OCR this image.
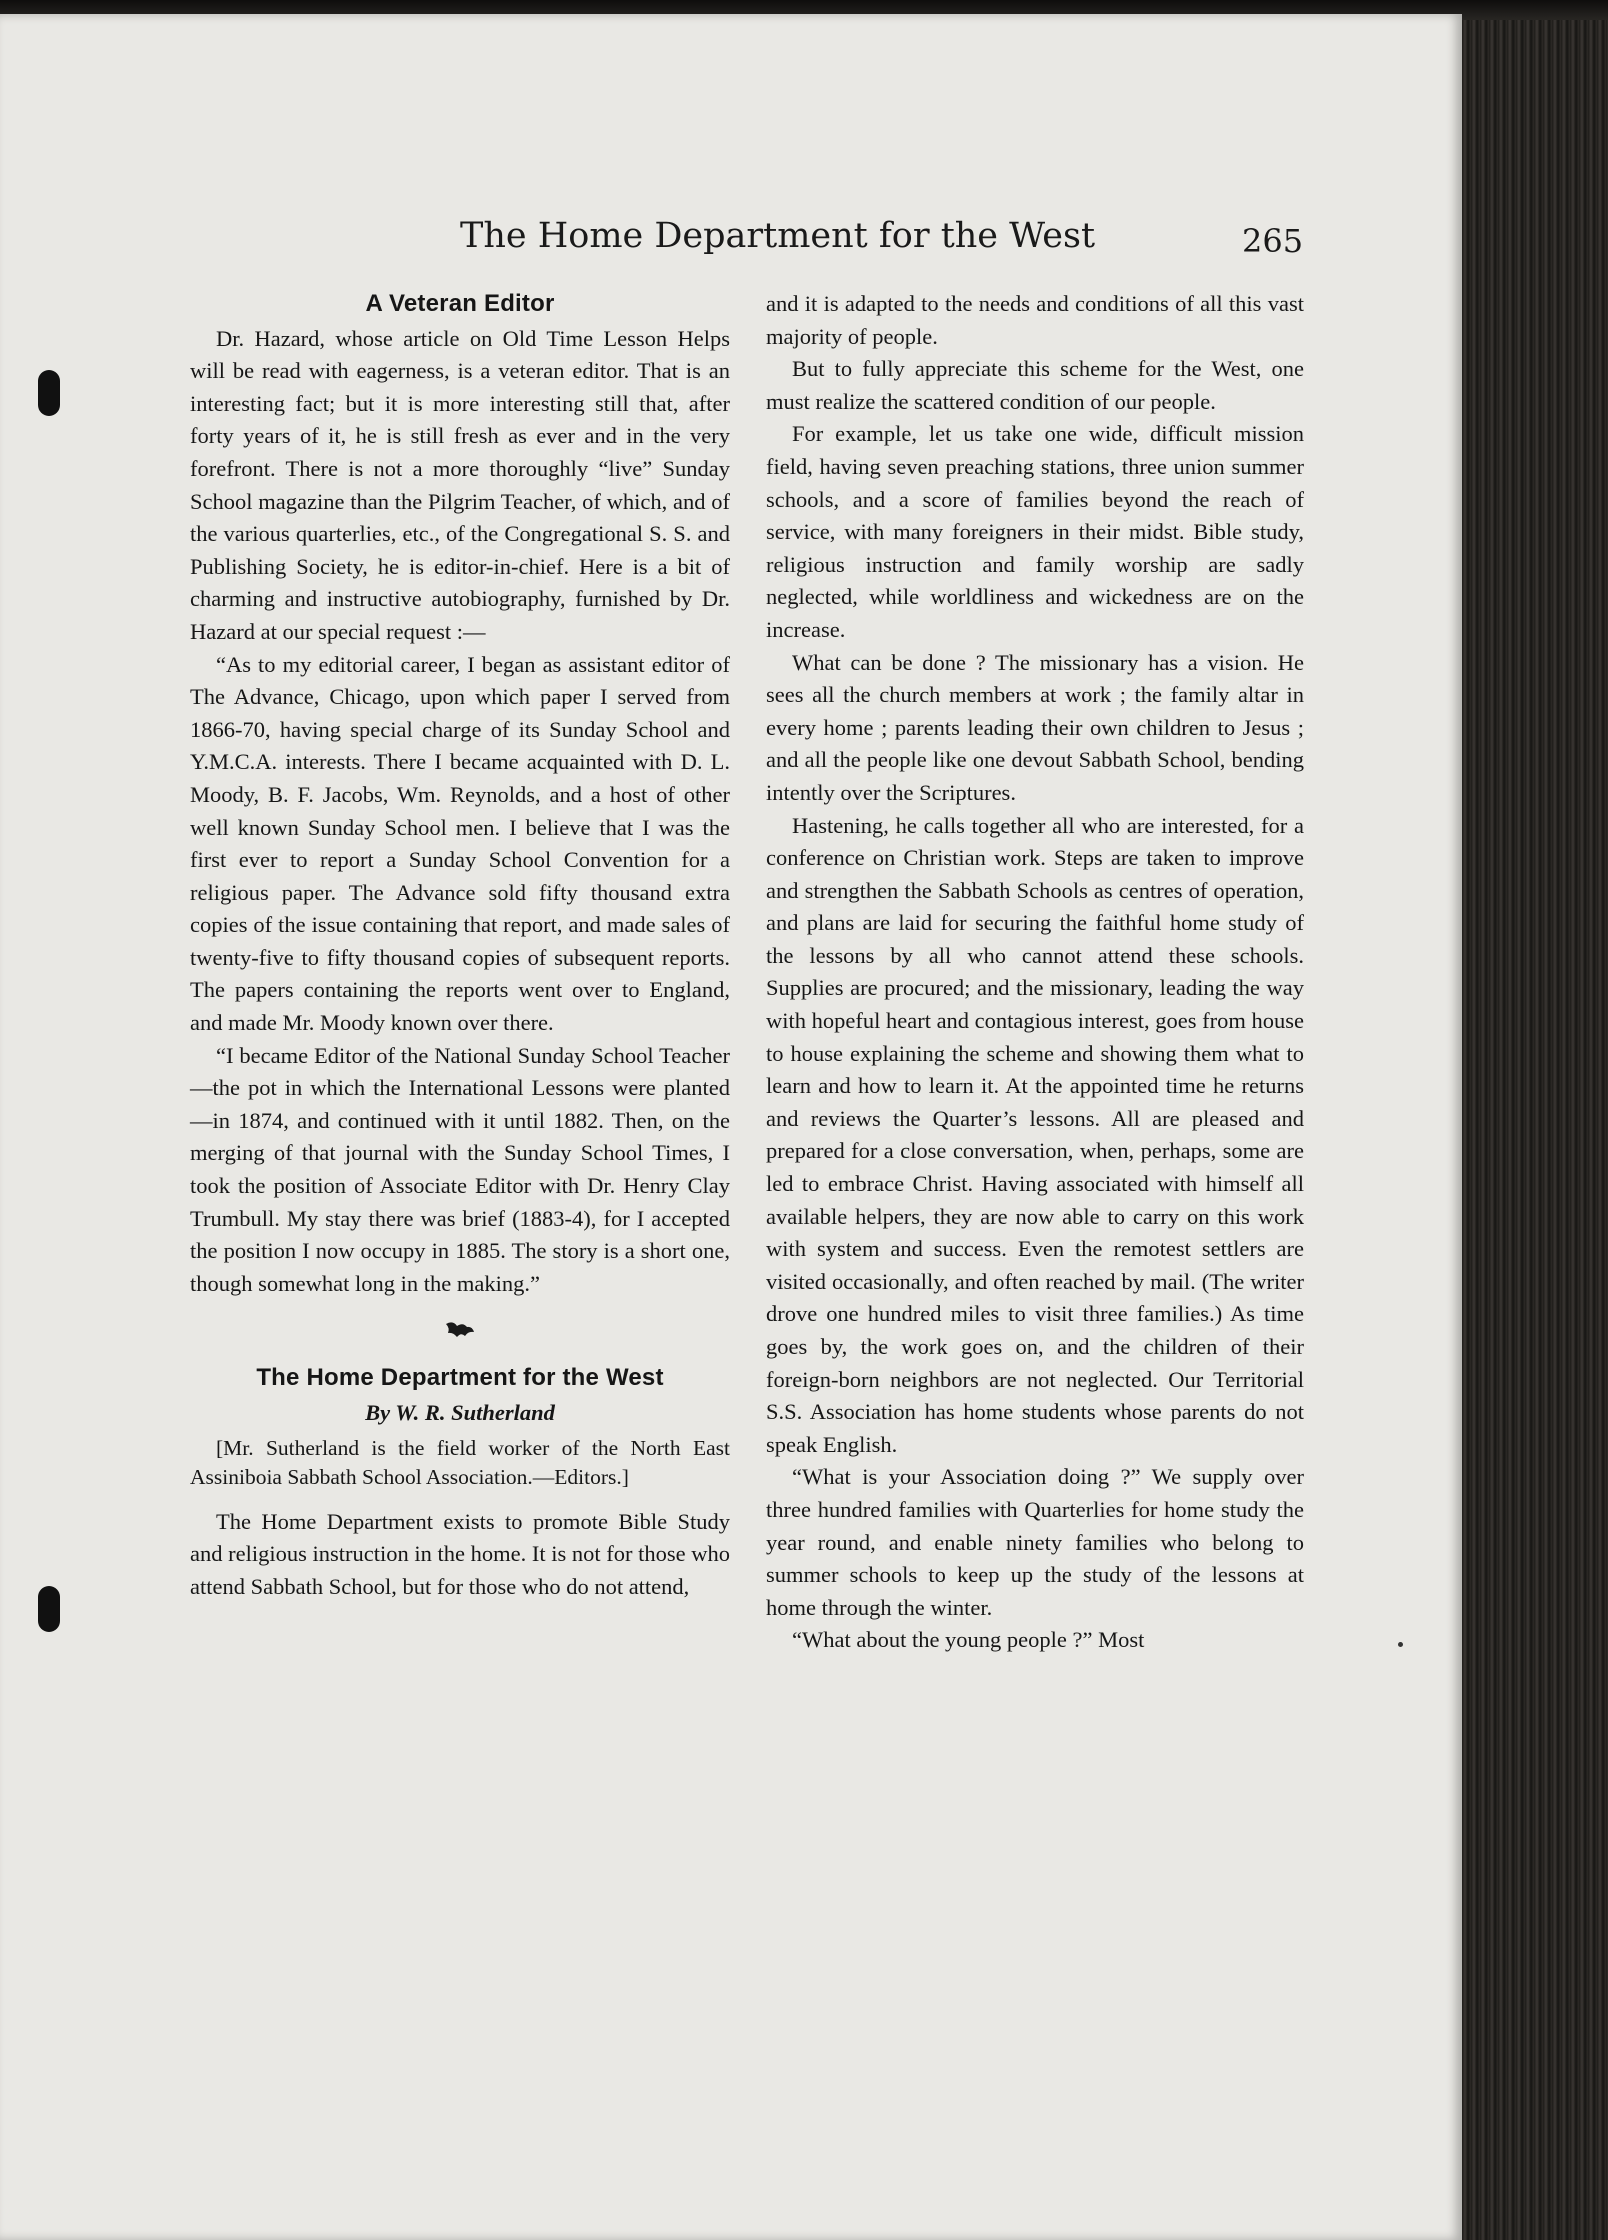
The Home Department for the West	265
A Veteran Editor

Dr. Hazard, whose article on Old Time Lesson Helps will be read with eagerness, is a veteran editor. That is an interesting fact; but it is more interesting still that, after forty years of it, he is still fresh as ever and in the very forefront. There is not a more thoroughly “live” Sunday School magazine than the Pilgrim Teacher, of which, and of the various quarterlies, etc., of the Congregational S. S. and Publishing Society, he is editor-in-chief. Here is a bit of charming and instructive autobiography, furnished by Dr. Hazard at our special request :—

“As to my editorial career, I began as assistant editor of The Advance, Chicago, upon which paper I served from 1866-70, having special charge of its Sunday School and Y.M.C.A. interests. There I became acquainted with D. L. Moody, B. F. Jacobs, Wm. Reynolds, and a host of other well known Sunday School men. I believe that I was the first ever to report a Sunday School Convention for a religious paper. The Advance sold fifty thousand extra copies of the issue containing that report, and made sales of twenty-five to fifty thousand copies of subsequent reports. The papers containing the reports went over to England, and made Mr. Moody known over there.

“I became Editor of the National Sunday School Teacher—the pot in which the International Lessons were planted—in 1874, and continued with it until 1882. Then, on the merging of that journal with the Sunday School Times, I took the position of Associate Editor with Dr. Henry Clay Trumbull. My stay there was brief (1883-4), for I accepted the position I now occupy in 1885. The story is a short one, though somewhat long in the making.”

The Home Department for the West
By W. R. Sutherland

[Mr. Sutherland is the field worker of the North East Assiniboia Sabbath School Association.—Editors.]

The Home Department exists to promote Bible Study and religious instruction in the home. It is not for those who attend Sabbath School, but for those who do not attend,

and it is adapted to the needs and conditions of all this vast majority of people.

But to fully appreciate this scheme for the West, one must realize the scattered condition of our people.

For example, let us take one wide, difficult mission field, having seven preaching stations, three union summer schools, and a score of families beyond the reach of service, with many foreigners in their midst. Bible study, religious instruction and family worship are sadly neglected, while worldliness and wickedness are on the increase.

What can be done ? The missionary has a vision. He sees all the church members at work ; the family altar in every home ; parents leading their own children to Jesus ; and all the people like one devout Sabbath School, bending intently over the Scriptures.

Hastening, he calls together all who are interested, for a conference on Christian work. Steps are taken to improve and strengthen the Sabbath Schools as centres of operation, and plans are laid for securing the faithful home study of the lessons by all who cannot attend these schools. Supplies are procured; and the missionary, leading the way with hopeful heart and contagious interest, goes from house to house explaining the scheme and showing them what to learn and how to learn it. At the appointed time he returns and reviews the Quarter’s lessons. All are pleased and prepared for a close conversation, when, perhaps, some are led to embrace Christ. Having associated with himself all available helpers, they are now able to carry on this work with system and success. Even the remotest settlers are visited occasionally, and often reached by mail. (The writer drove one hundred miles to visit three families.) As time goes by, the work goes on, and the children of their foreign-born neighbors are not neglected. Our Territorial S.S. Association has home students whose parents do not speak English.

“What is your Association doing ?” We supply over three hundred families with Quarterlies for home study the year round, and enable ninety families who belong to summer schools to keep up the study of the lessons at home through the winter.

“What about the young people ?” Most
